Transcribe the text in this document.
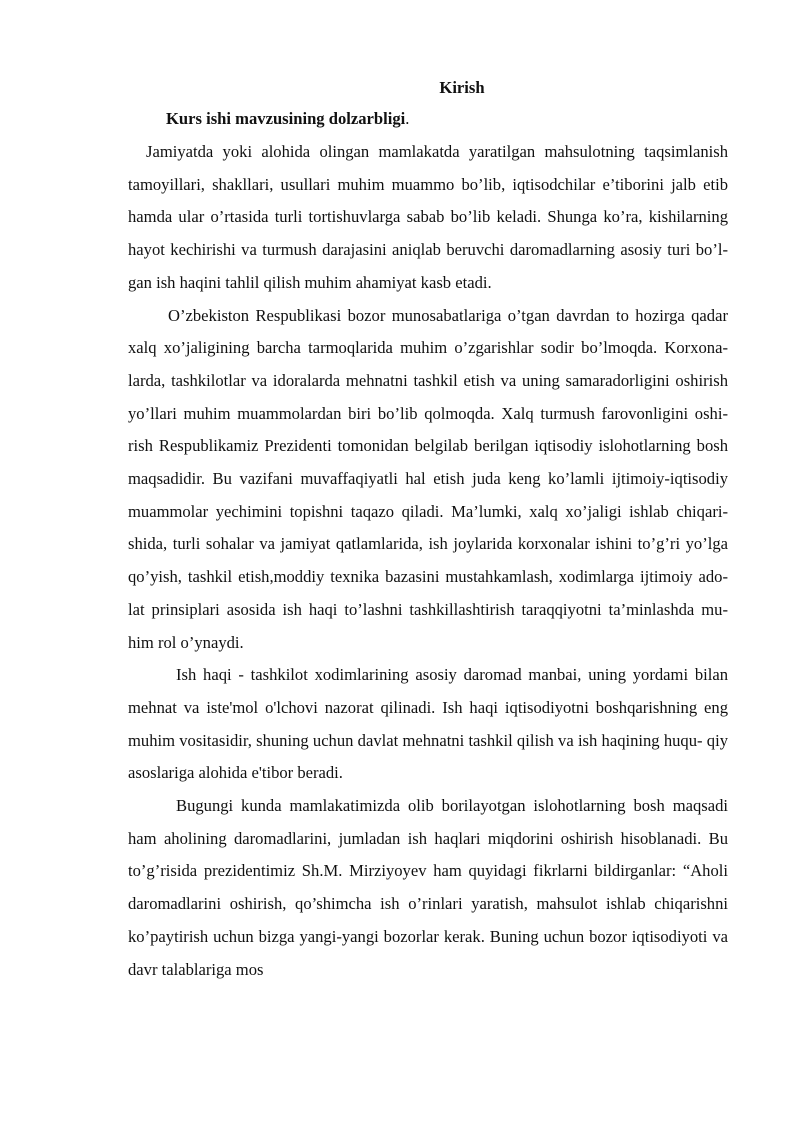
Kirish

Kurs ishi mavzusining dolzarbligi.

Jamiyatda yoki alohida olingan mamlakatda yaratilgan mahsulotning taqsimlanish tamoyillari, shakllari, usullari muhim muammo bo’lib, iqtisodchilar e’tiborini jalb etib hamda ular o’rtasida turli tortishuvlarga sabab bo’lib keladi. Shunga ko’ra, kishilarning hayot kechirishi va turmush darajasini aniqlab beruvchi daromadlarning asosiy turi bo’l- gan ish haqini tahlil qilish muhim ahamiyat kasb etadi.

O’zbekiston Respublikasi bozor munosabatlariga o’tgan davrdan to hozirga qadar xalq xo’jaligining barcha tarmoqlarida muhim o’zgarishlar sodir bo’lmoqda. Korxona- larda, tashkilotlar va idoralarda mehnatni tashkil etish va uning samaradorligini oshirish yo’llari muhim muammolardan biri bo’lib qolmoqda. Xalq turmush farovonligini oshi- rish Respublikamiz Prezidenti tomonidan belgilab berilgan iqtisodiy islohotlarning bosh maqsadidir. Bu vazifani muvaffaqiyatli hal etish juda keng ko’lamli ijtimoiy-iqtisodiy muammolar yechimini topishni taqazo qiladi. Ma’lumki, xalq xo’jaligi ishlab chiqari- shida, turli sohalar va jamiyat qatlamlarida, ish joylarida korxonalar ishini to’g’ri yo’lga qo’yish, tashkil etish,moddiy texnika bazasini mustahkamlash, xodimlarga ijtimoiy ado- lat prinsiplari asosida ish haqi to’lashni tashkillashtirish taraqqiyotni ta’minlashda mu- him rol o’ynaydi.

Ish haqi - tashkilot xodimlarining asosiy daromad manbai, uning yordami bilan mehnat va iste'mol o'lchovi nazorat qilinadi. Ish haqi iqtisodiyotni boshqarishning eng muhim vositasidir, shuning uchun davlat mehnatni tashkil qilish va ish haqining huqu- qiy asoslariga alohida e'tibor beradi.

Bugungi kunda mamlakatimizda olib borilayotgan islohotlarning bosh maqsadi ham aholining daromadlarini, jumladan ish haqlari miqdorini oshirish hisoblanadi. Bu to’g’risida prezidentimiz Sh.M. Mirziyoyev ham quyidagi fikrlarni bildirganlar: “Aholi daromadlarini oshirish, qo’shimcha ish o’rinlari yaratish, mahsulot ishlab chiqarishni ko’paytirish uchun bizga yangi-yangi bozorlar kerak. Buning uchun bozor iqtisodiyoti va davr talablariga mos
